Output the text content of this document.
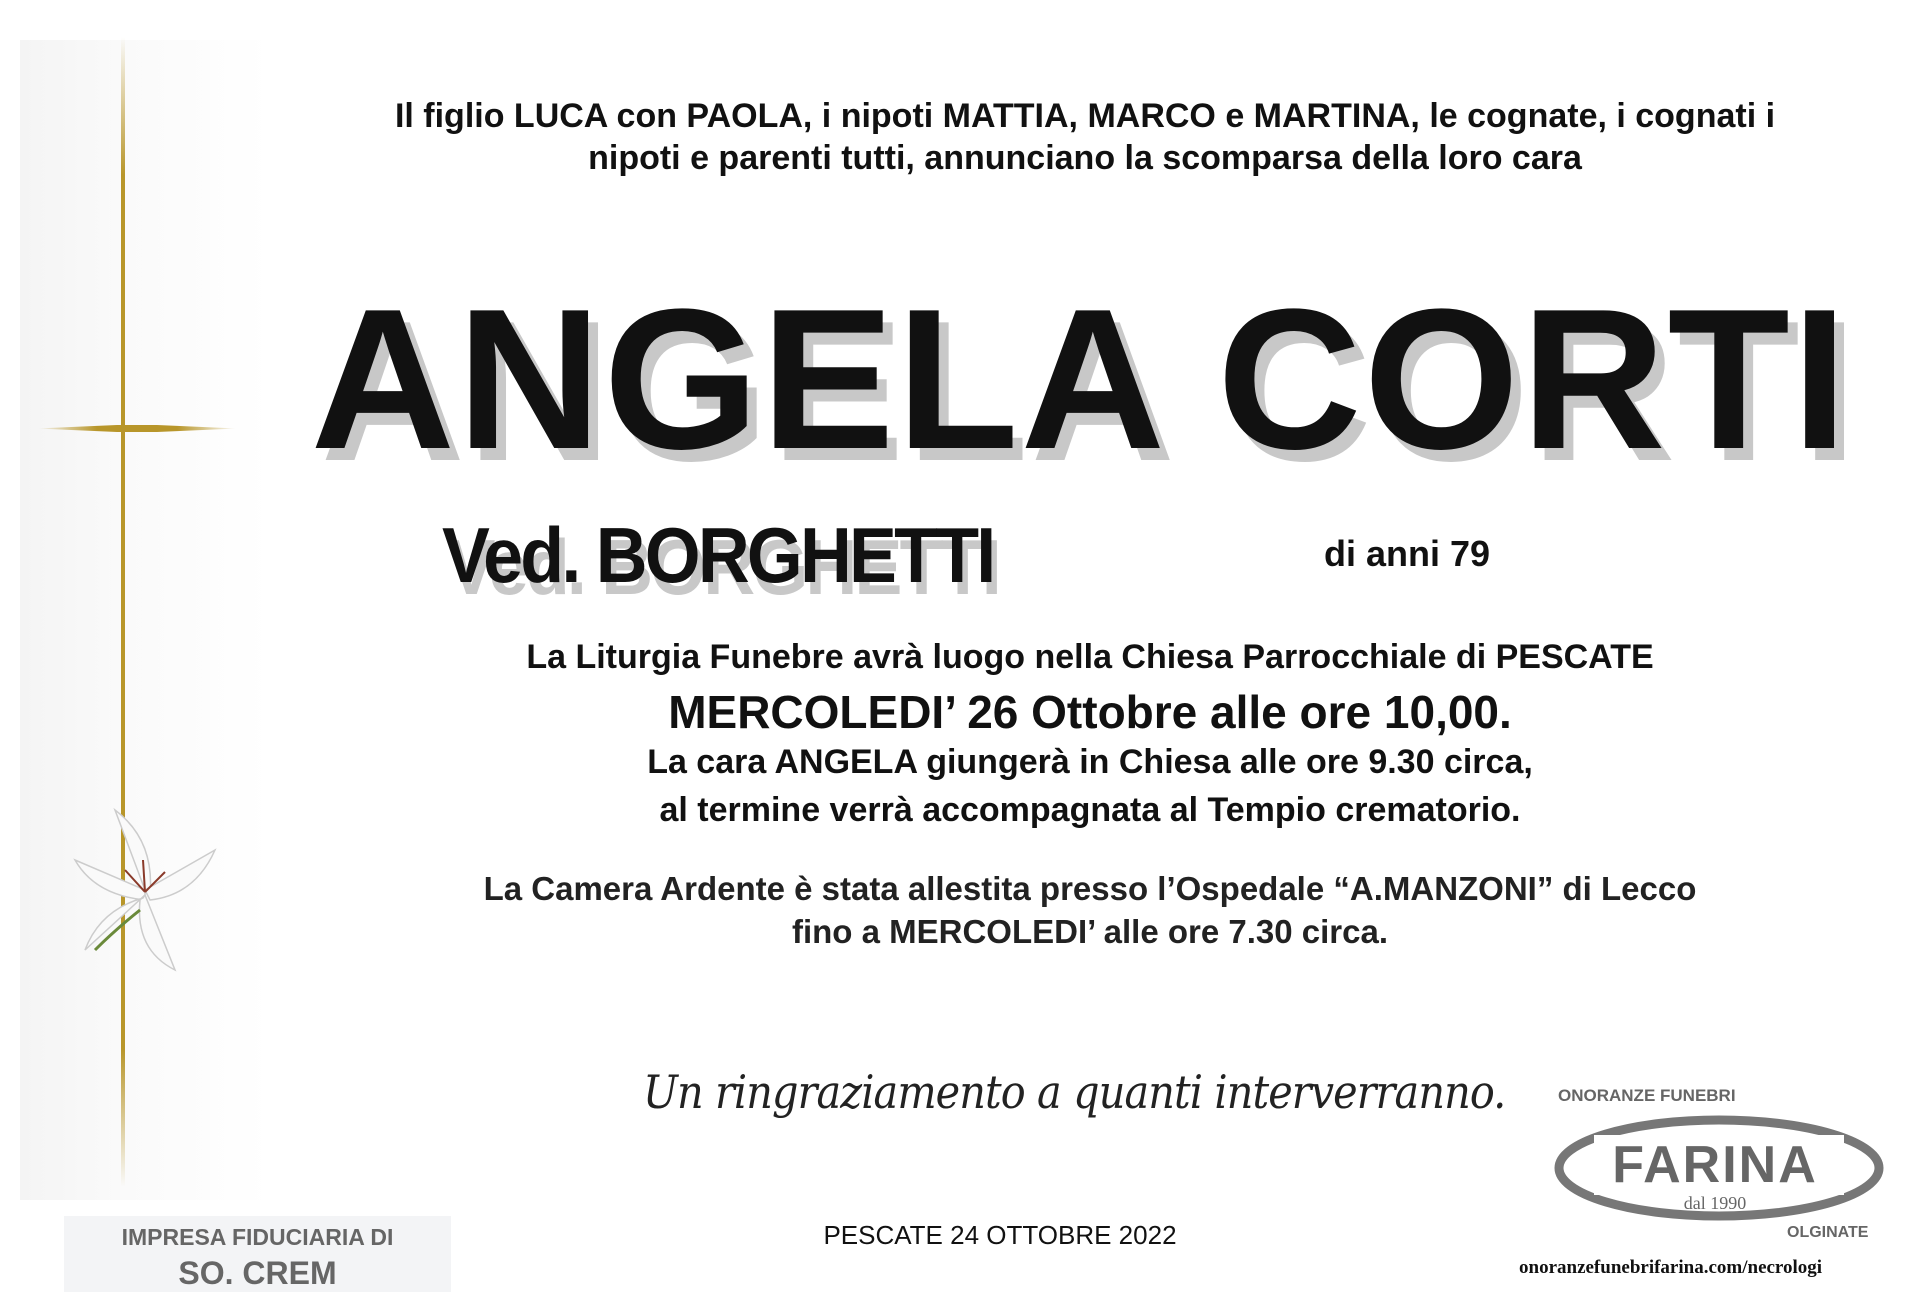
Il figlio LUCA con PAOLA, i nipoti MATTIA, MARCO e MARTINA, le cognate, i cognati i
nipoti e parenti tutti, annunciano la scomparsa della loro cara
ANGELA CORTI
Ved. BORGHETTI	di anni 79
La Liturgia Funebre avrà luogo nella Chiesa Parrocchiale di PESCATE
MERCOLEDI’ 26 Ottobre alle ore 10,00.
La cara ANGELA giungerà in Chiesa alle ore 9.30 circa,
al termine verrà accompagnata al Tempio crematorio.
La Camera Ardente è stata allestita presso l’Ospedale “A.MANZONI” di Lecco
fino a MERCOLEDI’ alle ore 7.30 circa.
Un ringraziamento a quanti interverranno.
PESCATE 24 OTTOBRE 2022
IMPRESA FIDUCIARIA DI
SO. CREM
ONORANZE FUNEBRI
FARINA
dal 1990
OLGINATE
onoranzefunebrifarina.com/necrologi
